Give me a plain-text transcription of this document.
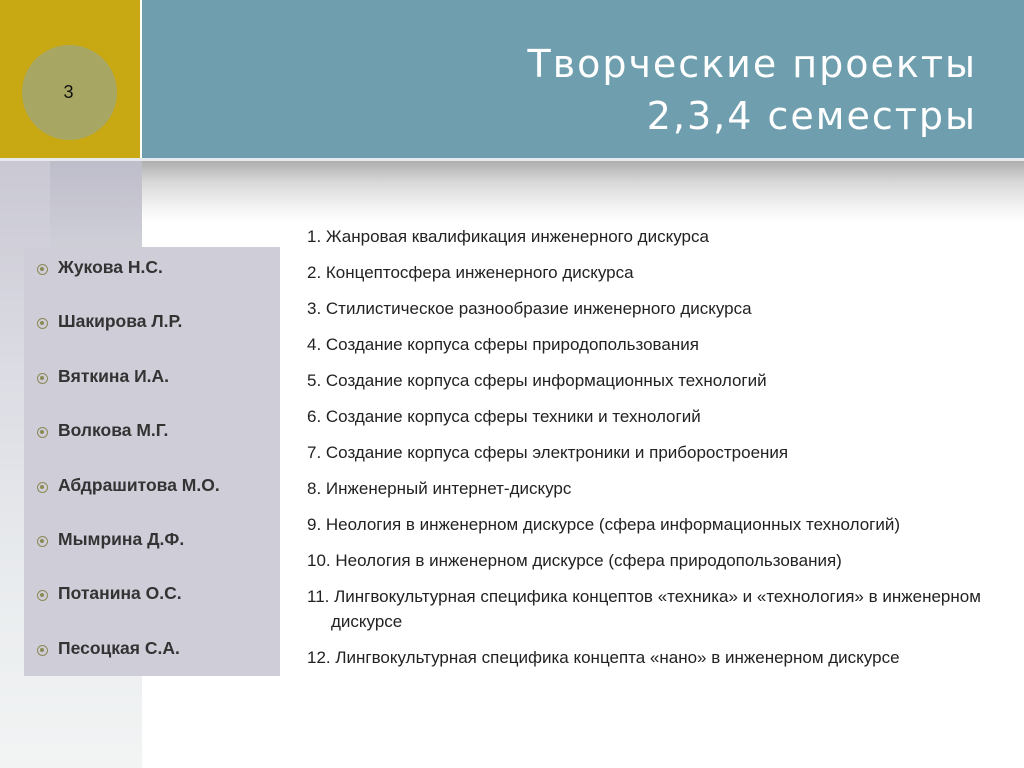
3
Творческие проекты
2,3,4 семестры
Жукова Н.С.
Шакирова Л.Р.
Вяткина И.А.
Волкова М.Г.
Абдрашитова М.О.
Мымрина Д.Ф.
Потанина О.С.
Песоцкая С.А.

1. Жанровая квалификация инженерного дискурса

2. Концептосфера инженерного дискурса

3. Стилистическое разнообразие инженерного дискурса

4. Создание корпуса сферы природопользования

5. Создание корпуса сферы информационных технологий

6. Создание корпуса сферы техники и технологий

7. Создание корпуса сферы электроники и приборостроения

8. Инженерный интернет-дискурс

9. Неология в инженерном дискурсе (сфера информационных технологий)

10. Неология в инженерном дискурсе (сфера природопользования)

11. Лингвокультурная специфика концептов «техника» и «технология» в инженерном дискурсе

12. Лингвокультурная специфика концепта «нано» в инженерном дискурсе
